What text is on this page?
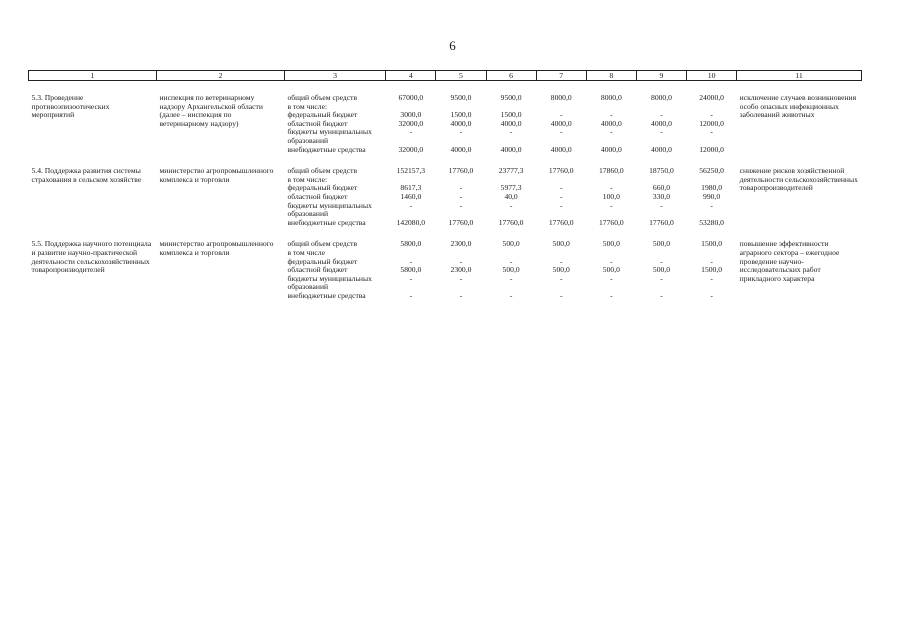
6
1	2	3	4	5	6	7	8	9	10	11
5.3. Проведение противоэпизоотических мероприятий	инспекция по ветеринарному надзору Архангельской области (далее – инспекция по ветеринарному надзору)	общий объем средств	67000,0	9500,0	9500,0	8000,0	8000,0	8000,0	24000,0	исключение случаев возникновения особо опасных инфекционных заболеваний животных
		в том числе:								
		федеральный бюджет	3000,0	1500,0	1500,0	-	-	-	-	
		областной бюджет	32000,0	4000,0	4000,0	4000,0	4000,0	4000,0	12000,0	
		бюджеты муниципальных образований	-	-	-	-	-	-	-	
		внебюджетные средства	32000,0	4000,0	4000,0	4000,0	4000,0	4000,0	12000,0	
5.4. Поддержка развития системы страхования в сельском хозяйстве	министерство агропромышленного комплекса и торговли	общий объем средств	152157,3	17760,0	23777,3	17760,0	17860,0	18750,0	56250,0	снижение рисков хозяйственной деятельности сельскохозяйственных товаропроизводителей
		в том числе:								
		федеральный бюджет	8617,3	-	5977,3	-	-	660,0	1980,0	
		областной бюджет	1460,0	-	40,0	-	100,0	330,0	990,0	
		бюджеты муниципальных образований	-	-	-	-	-	-	-	
		внебюджетные средства	142080,0	17760,0	17760,0	17760,0	17760,0	17760,0	53280,0	
5.5. Поддержка научного потенциала и развитие научно-практической деятельности сельскохозяйственных товаропроизводителей	министерство агропромышленного комплекса и торговли	общий объем средств	5800,0	2300,0	500,0	500,0	500,0	500,0	1500,0	повышение эффективности аграрного сектора – ежегодное проведение научно-исследовательских работ прикладного характера
		в том числе								
		федеральный бюджет	-	-	-	-	-	-	-	
		областной бюджет	5800,0	2300,0	500,0	500,0	500,0	500,0	1500,0	
		бюджеты муниципальных образований	-	-	-	-	-	-	-	
		внебюджетные средства	-	-	-	-	-	-	-	
